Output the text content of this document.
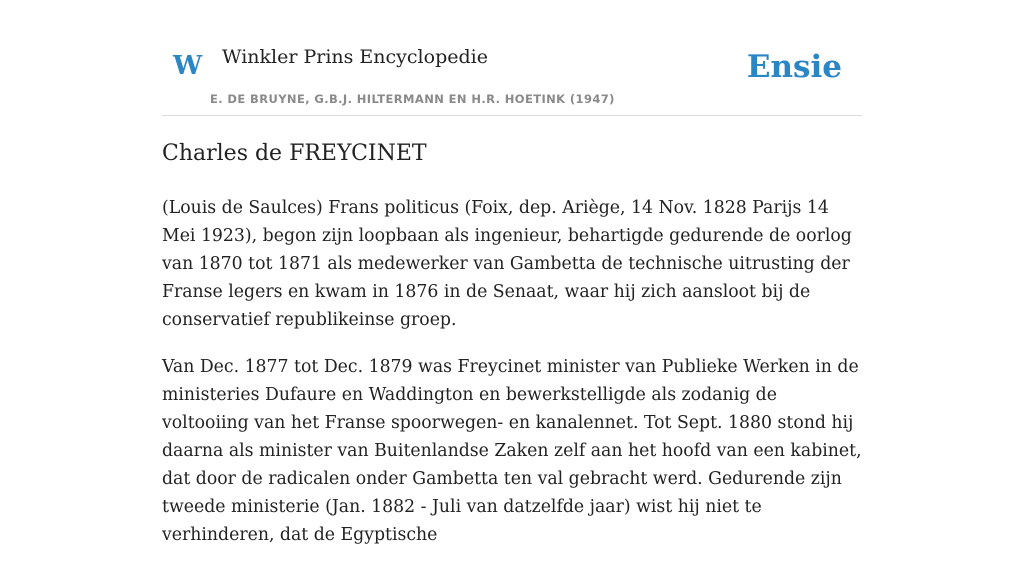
W Winkler Prins Encyclopedie
E. DE BRUYNE, G.B.J. HILTERMANN EN H.R. HOETINK (1947)
Ensie
Charles de FREYCINET

(Louis de Saulces) Frans politicus (Foix, dep. Ariège, 14 Nov. 1828 Parijs 14 Mei 1923), begon zijn loopbaan als ingenieur, behartigde gedurende de oorlog van 1870 tot 1871 als medewerker van Gambetta de technische uitrusting der Franse legers en kwam in 1876 in de Senaat, waar hij zich aansloot bij de conservatief republikeinse groep.

Van Dec. 1877 tot Dec. 1879 was Freycinet minister van Publieke Werken in de ministeries Dufaure en Waddington en bewerkstelligde als zodanig de voltooiing van het Franse spoorwegen- en kanalennet. Tot Sept. 1880 stond hij daarna als minister van Buitenlandse Zaken zelf aan het hoofd van een kabinet, dat door de radicalen onder Gambetta ten val gebracht werd. Gedurende zijn tweede ministerie (Jan. 1882 - Juli van datzelfde jaar) wist hij niet te verhinderen, dat de Egyptische
